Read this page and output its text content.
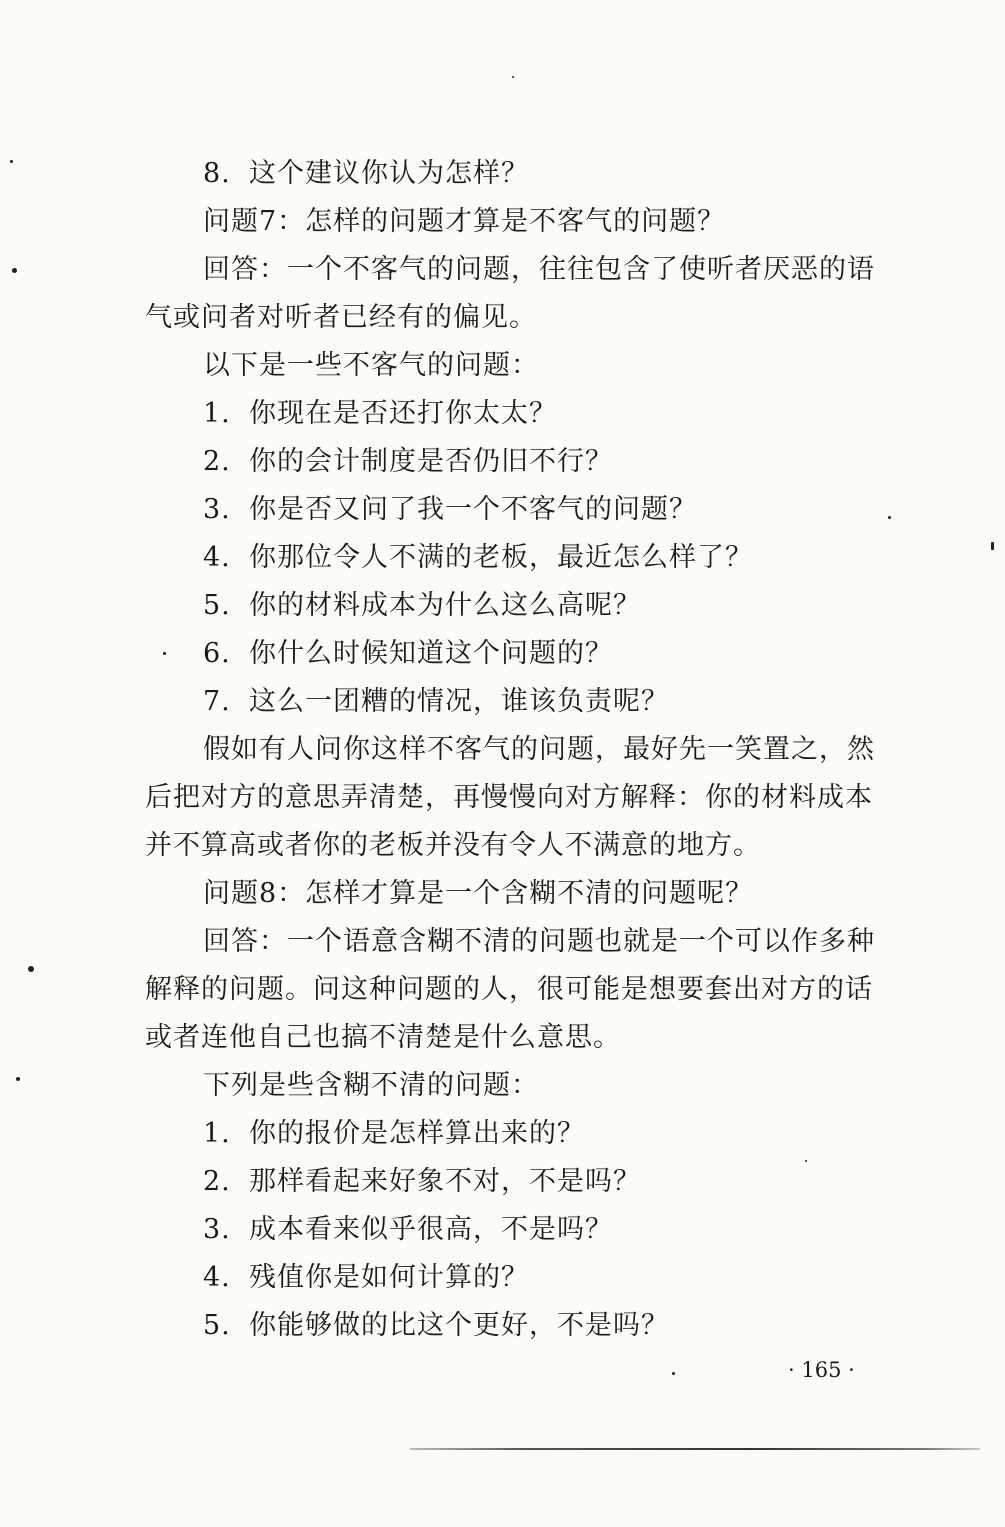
8. 这个建议你认为怎样？
问题7：怎样的问题才算是不客气的问题？
回答：一个不客气的问题，往往包含了使听者厌恶的语
气或问者对听者已经有的偏见。
以下是一些不客气的问题：
1. 你现在是否还打你太太？
2. 你的会计制度是否仍旧不行？
3. 你是否又问了我一个不客气的问题？
4. 你那位令人不满的老板，最近怎么样了？
5. 你的材料成本为什么这么高呢？
6. 你什么时候知道这个问题的？
7. 这么一团糟的情况，谁该负责呢？
假如有人问你这样不客气的问题，最好先一笑置之，然
后把对方的意思弄清楚，再慢慢向对方解释：你的材料成本
并不算高或者你的老板并没有令人不满意的地方。
问题8：怎样才算是一个含糊不清的问题呢？
回答：一个语意含糊不清的问题也就是一个可以作多种
解释的问题。问这种问题的人，很可能是想要套出对方的话
或者连他自己也搞不清楚是什么意思。
下列是些含糊不清的问题：
1. 你的报价是怎样算出来的？
2. 那样看起来好象不对，不是吗？
3. 成本看来似乎很高，不是吗？
4. 残值你是如何计算的？
5. 你能够做的比这个更好，不是吗？
· 165 ·
